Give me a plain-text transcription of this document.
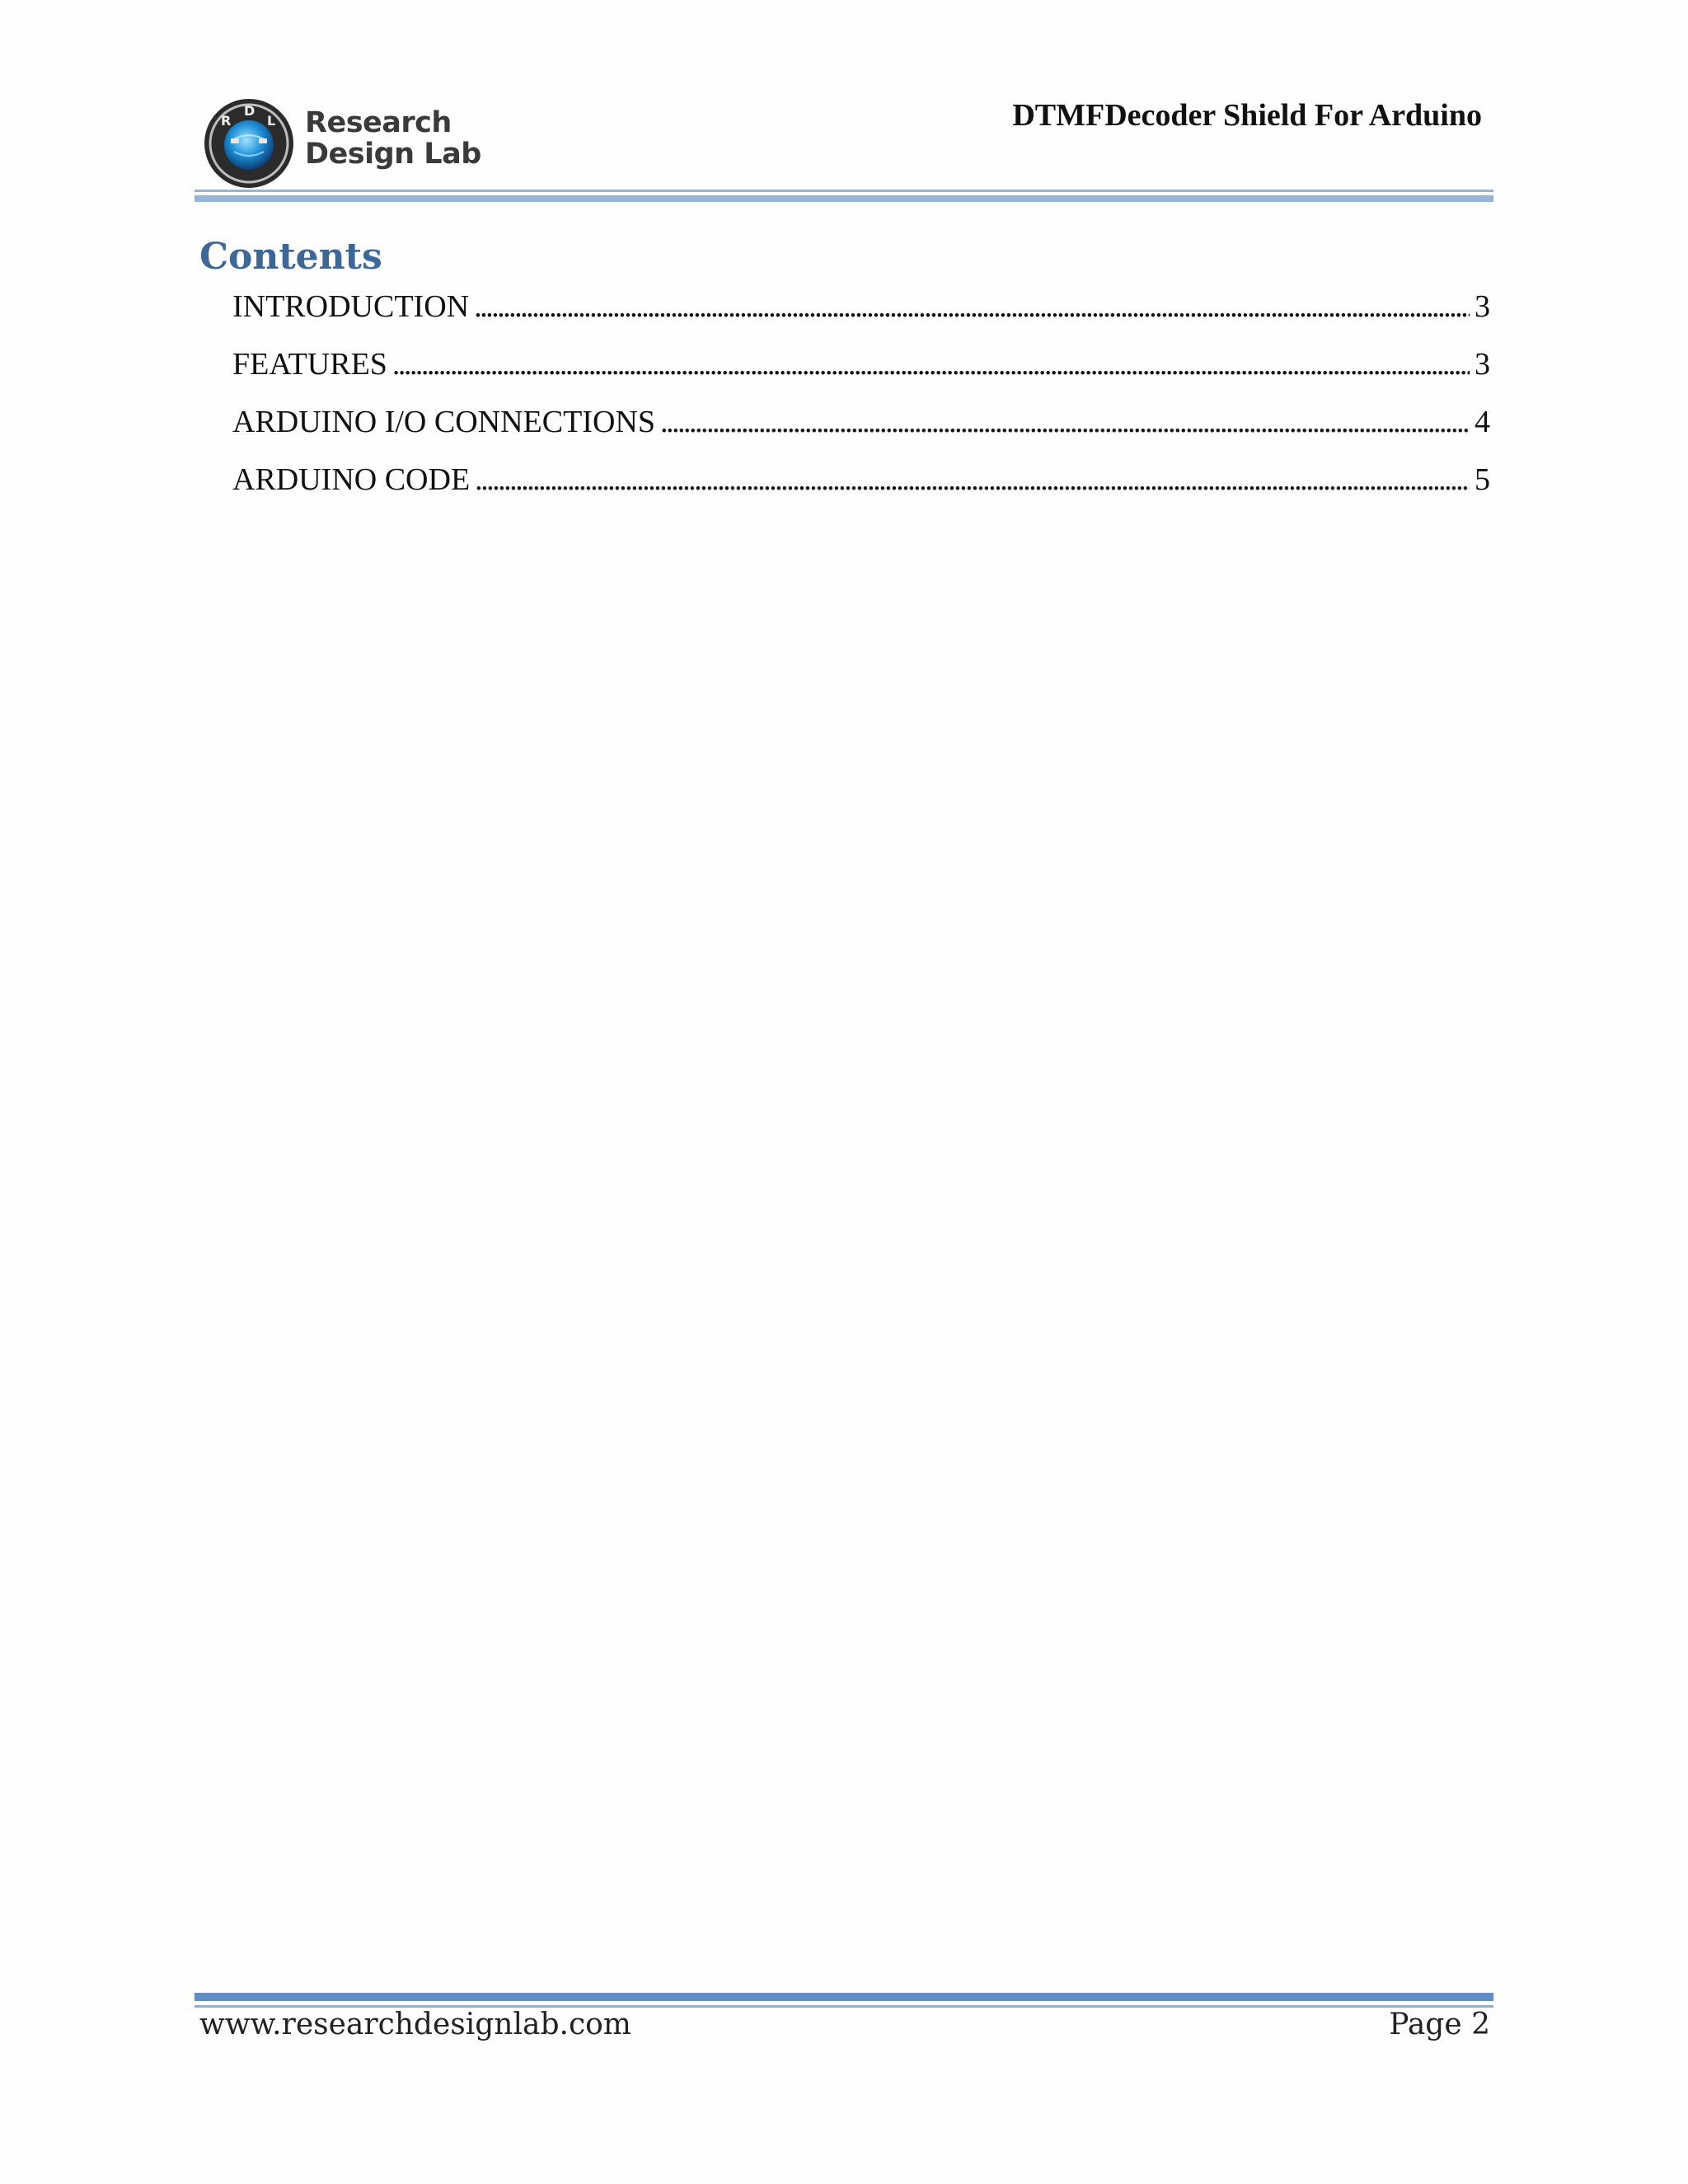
R
D
L Research
Design Lab
DTMFDecoder Shield For Arduino
Contents
INTRODUCTION . . .	3
FEATURES . . .	3
ARDUINO I/O CONNECTIONS . . .	4
ARDUINO CODE . . .	5
www.researchdesignlab.com	Page 2
